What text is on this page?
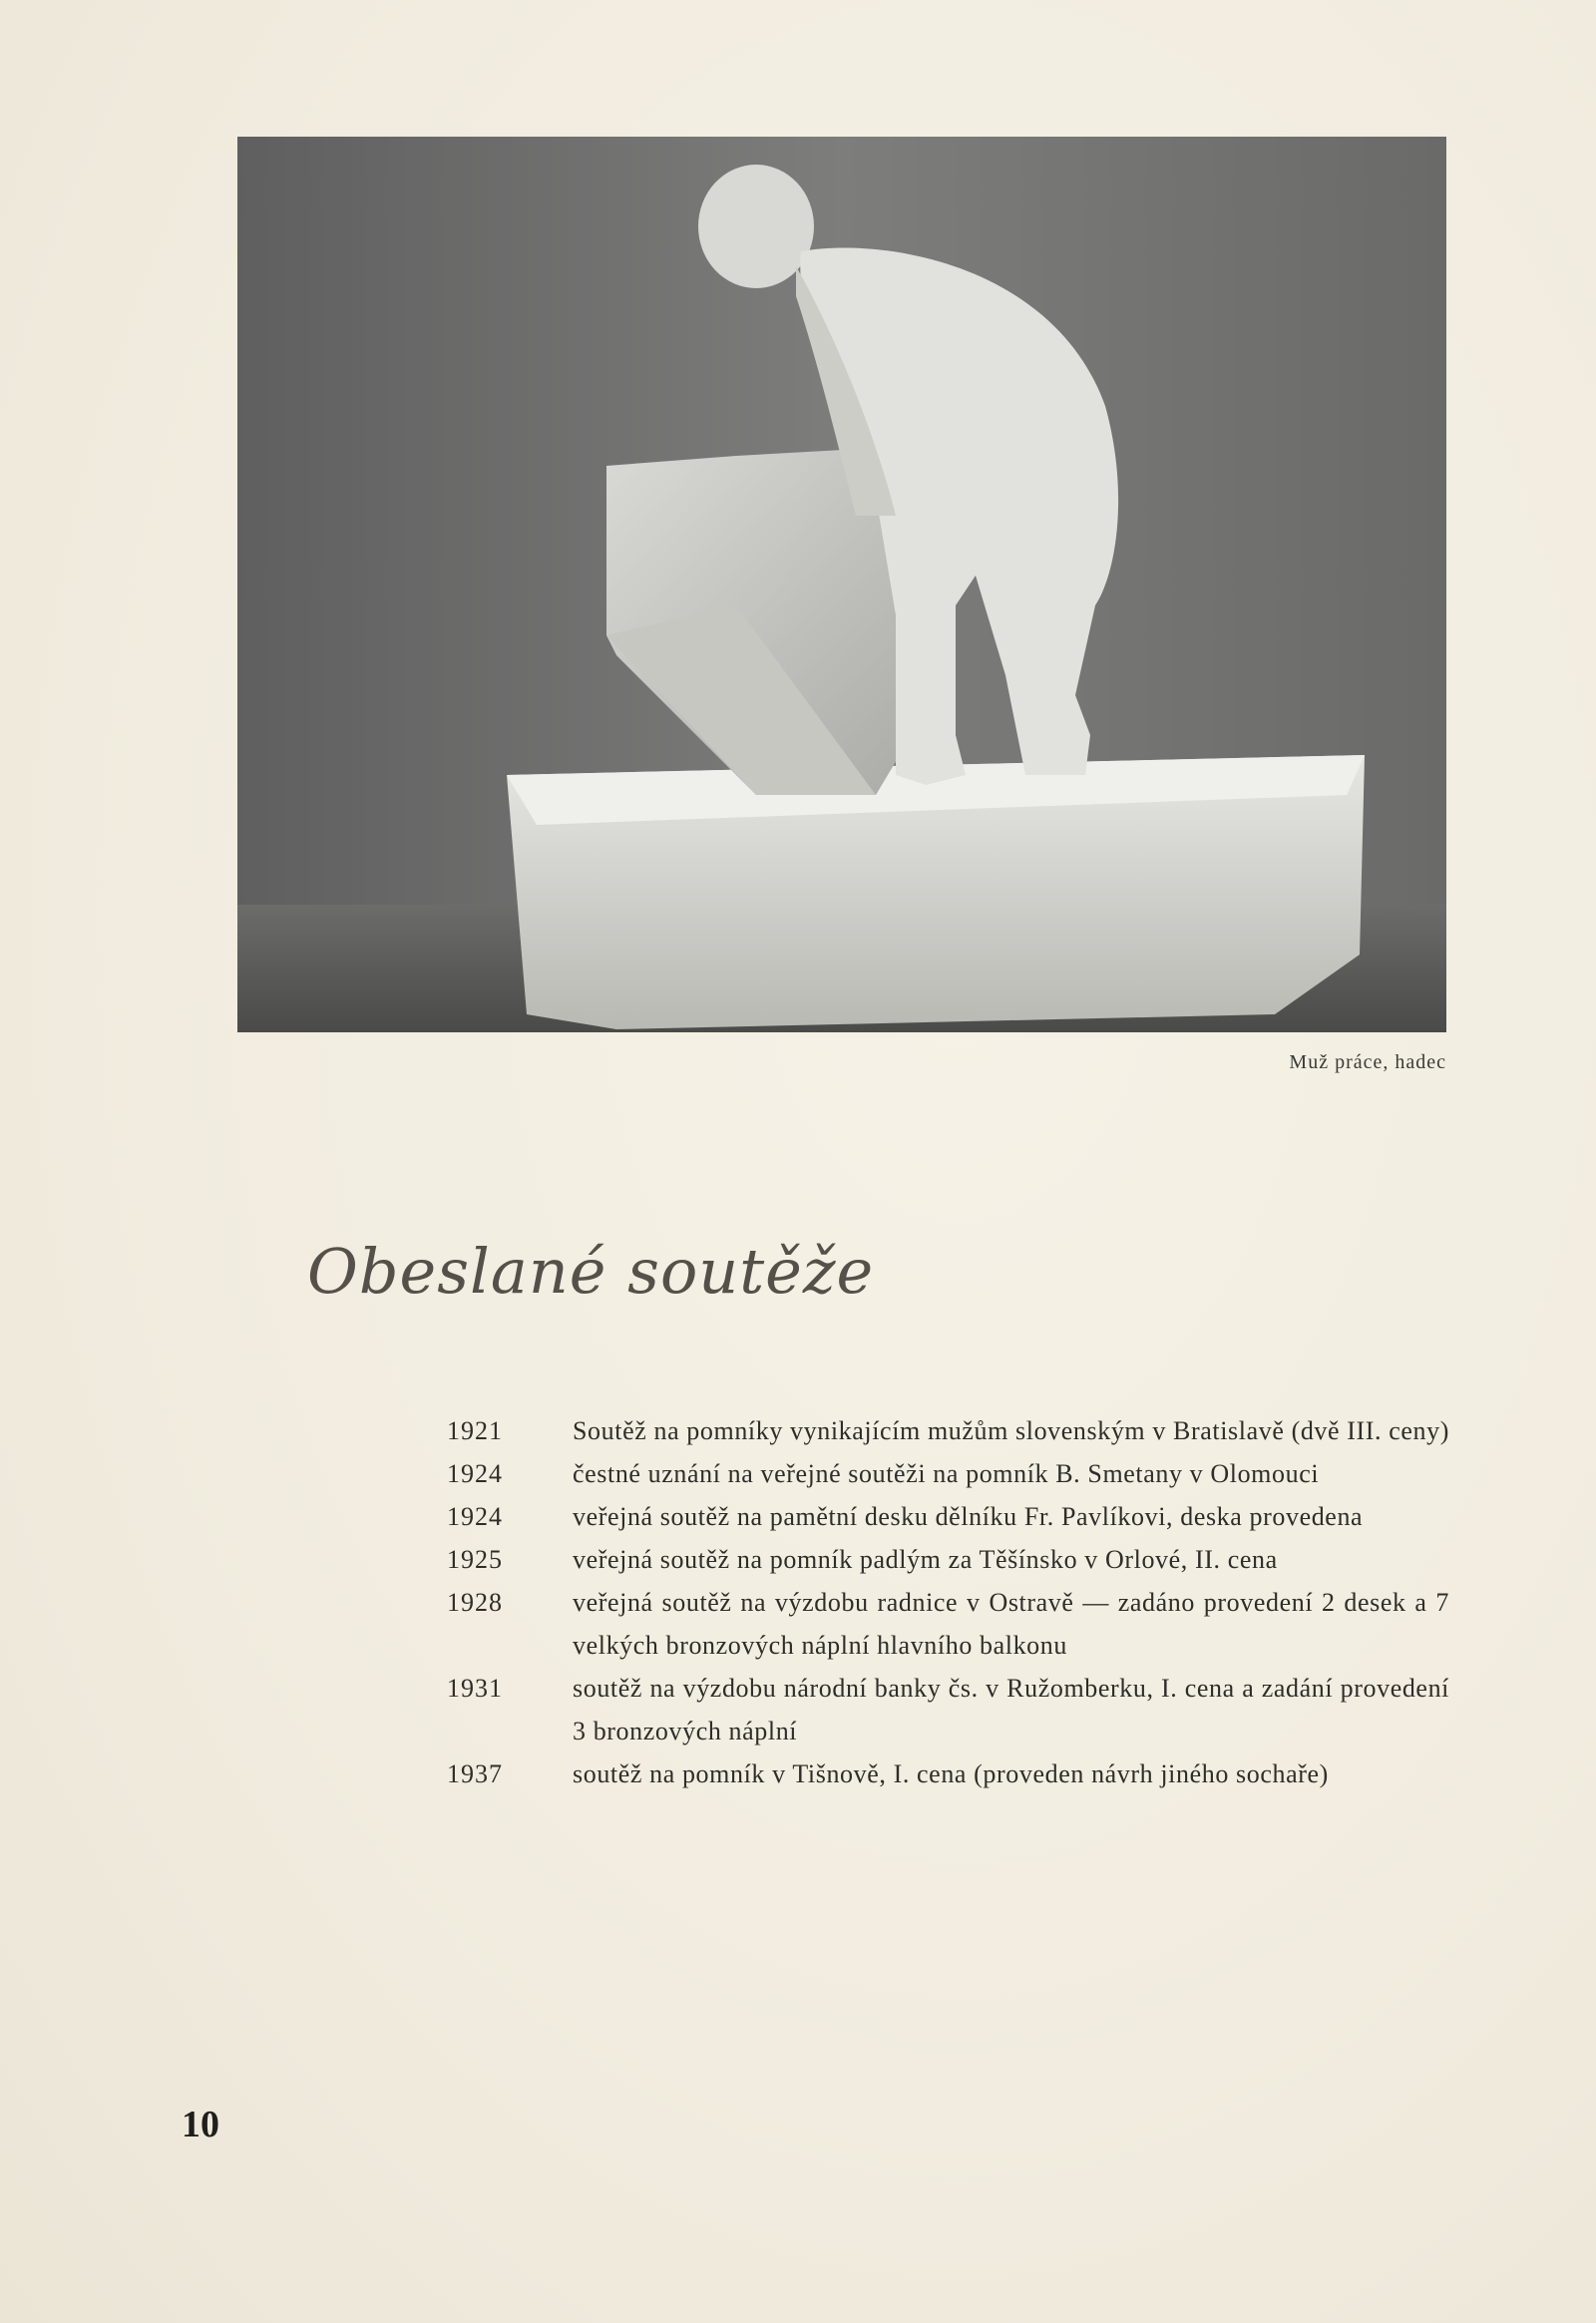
Muž práce, hadec
Obeslané soutěže
1921	Soutěž na pomníky vynikajícím mužům slovenským v Bratislavě (dvě III. ceny)
1924	čestné uznání na veřejné soutěži na pomník B. Smetany v Olomouci
1924	veřejná soutěž na pamětní desku dělníku Fr. Pavlíkovi, deska provedena
1925	veřejná soutěž na pomník padlým za Těšínsko v Orlové, II. cena
1928	veřejná soutěž na výzdobu radnice v Ostravě — zadáno provedení 2 desek a 7 velkých bronzových náplní hlavního balkonu
1931	soutěž na výzdobu národní banky čs. v Ružomberku, I. cena a zadání provedení 3 bronzových náplní
1937	soutěž na pomník v Tišnově, I. cena (proveden návrh jiného sochaře)
10
